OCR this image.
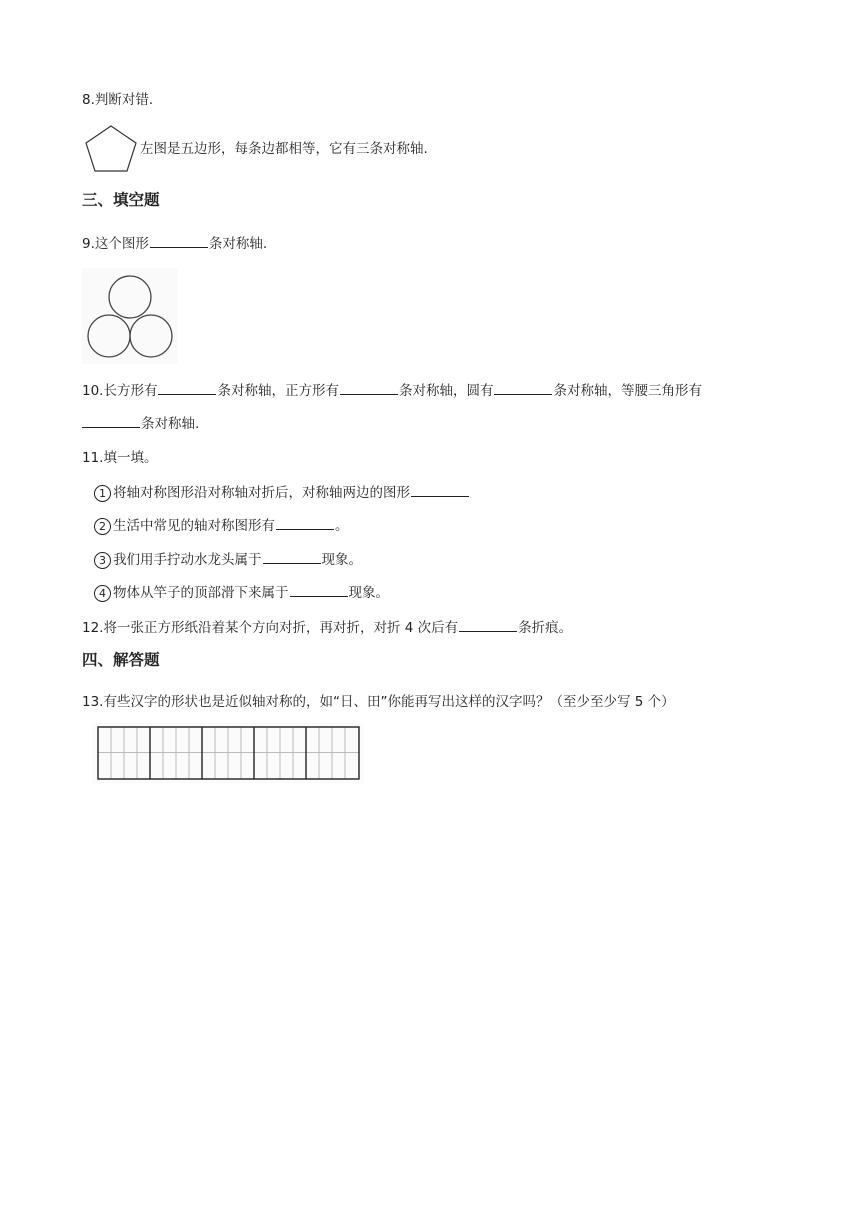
8.判断对错.
左图是五边形，每条边都相等，它有三条对称轴.
三、填空题
9.这个图形	条对称轴.
10.长方形有	条对称轴，正方形有	条对称轴，圆有	条对称轴，等腰三角形有
条对称轴.
11.填一填。
1 将轴对称图形沿对称轴对折后，对称轴两边的图形
2 生活中常见的轴对称图形有	。
3 我们用手拧动水龙头属于	现象。
4 物体从竿子的顶部滑下来属于	现象。
12.将一张正方形纸沿着某个方向对折，再对折，对折 4 次后有	条折痕。
四、解答题
13.有些汉字的形状也是近似轴对称的，如“日、田”你能再写出这样的汉字吗？（至少至少写 5 个）
